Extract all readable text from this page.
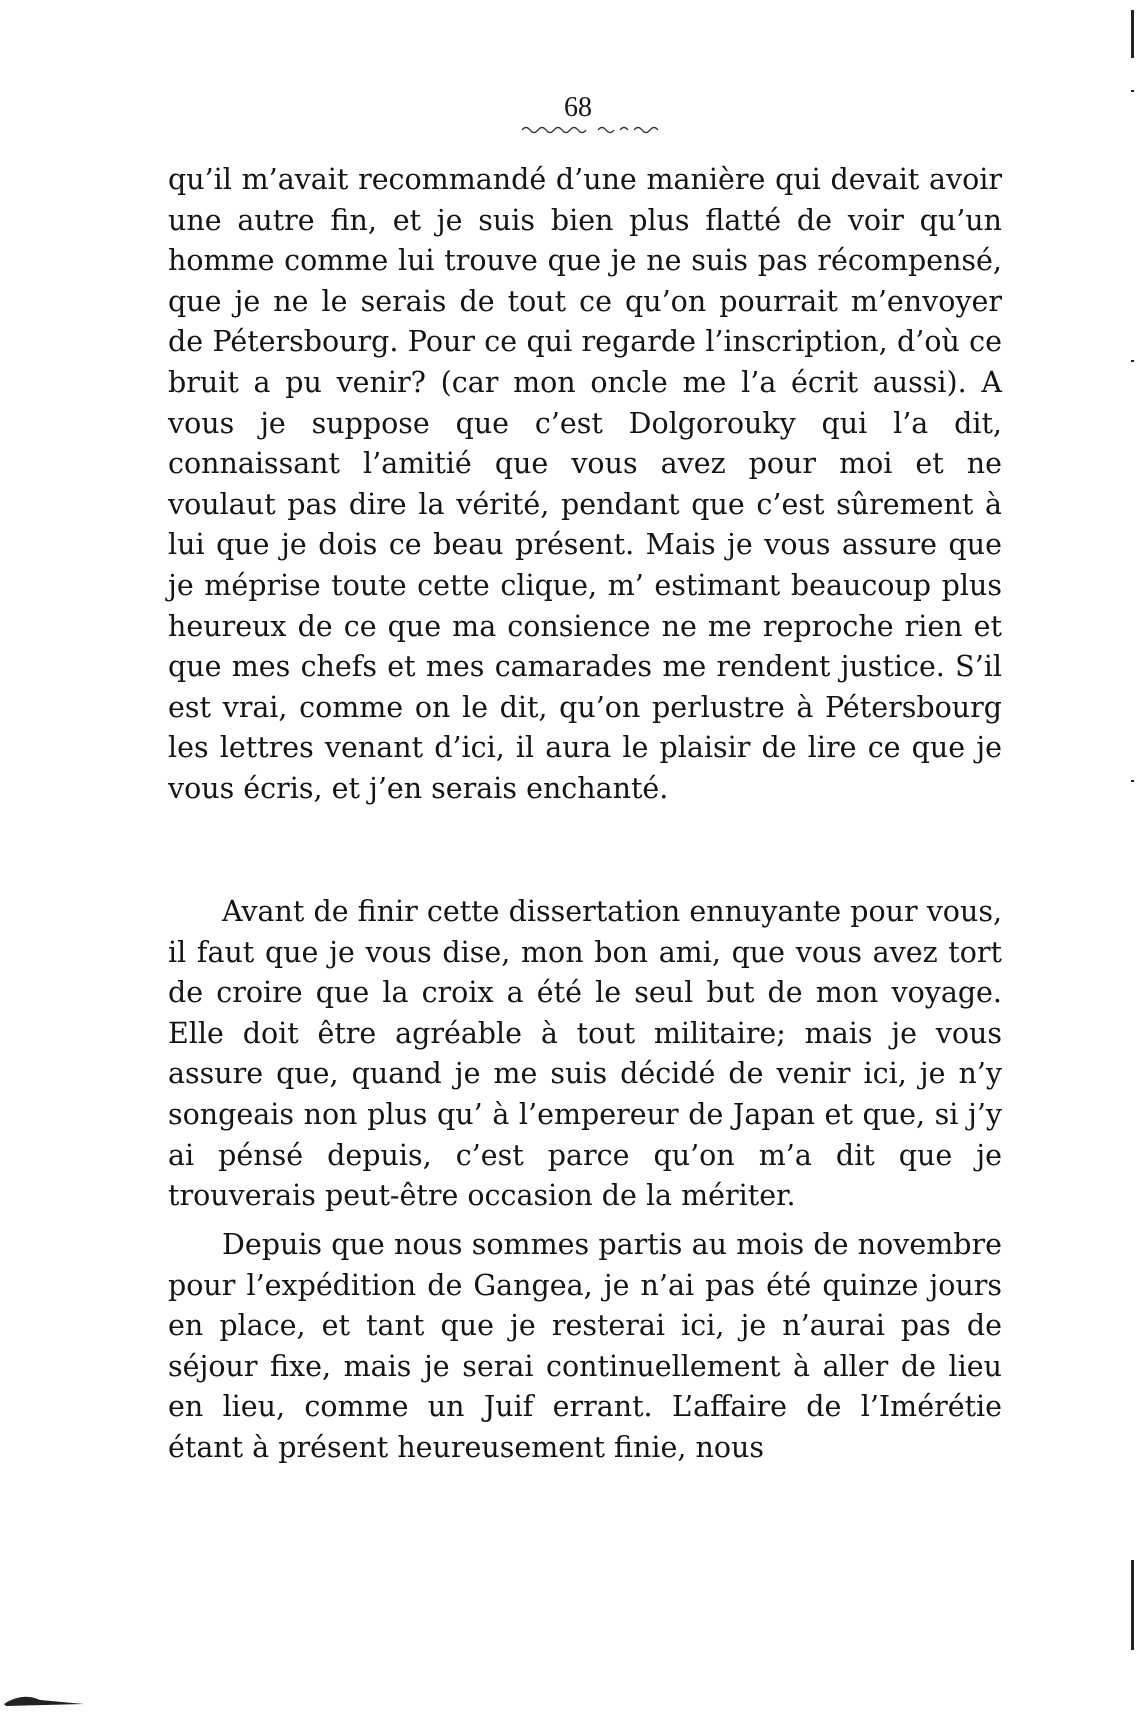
68

qu’il m’avait recommandé d’une manière qui devait avoir une autre fin, et je suis bien plus flatté de voir qu’un homme comme lui trouve que je ne suis pas récompensé, que je ne le serais de tout ce qu’on pourrait m’envoyer de Pétersbourg. Pour ce qui regarde l’inscription, d’où ce bruit a pu venir? (car mon oncle me l’a écrit aussi). A vous je suppose que c’est Dolgorouky qui l’a dit, connaissant l’amitié que vous avez pour moi et ne voulaut pas dire la vérité, pendant que c’est sûrement à lui que je dois ce beau présent. Mais je vous assure que je méprise toute cette clique, m’ estimant beaucoup plus heureux de ce que ma consience ne me reproche rien et que mes chefs et mes camarades me rendent justice. S’il est vrai, comme on le dit, qu’on perlustre à Pétersbourg les lettres venant d’ici, il aura le plaisir de lire ce que je vous écris, et j’en serais enchanté.

Avant de finir cette dissertation ennuyante pour vous, il faut que je vous dise, mon bon ami, que vous avez tort de croire que la croix a été le seul but de mon voyage. Elle doit être agréable à tout militaire; mais je vous assure que, quand je me suis décidé de venir ici, je n’y songeais non plus qu’ à l’empereur de Japan et que, si j’y ai pénsé depuis, c’est parce qu’on m’a dit que je trouverais peut-être occasion de la mériter.

Depuis que nous sommes partis au mois de novembre pour l’expédition de Gangea, je n’ai pas été quinze jours en place, et tant que je resterai ici, je n’aurai pas de séjour fixe, mais je serai continuellement à aller de lieu en lieu, comme un Juif errant. L’affaire de l’Imérétie étant à présent heureusement finie, nous
